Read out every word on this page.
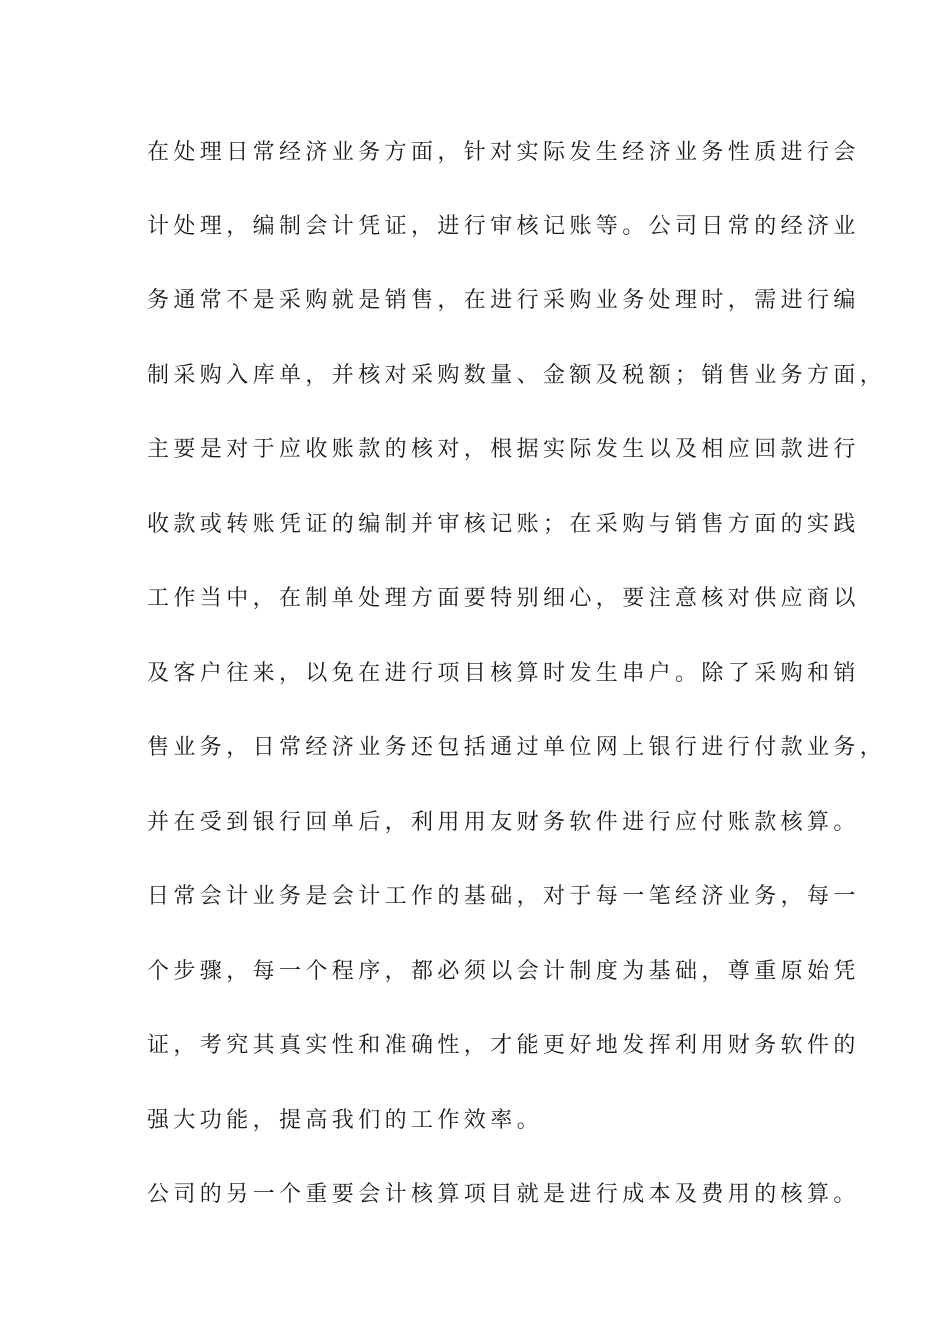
在处理日常经济业务方面，针对实际发生经济业务性质进行会
计处理，编制会计凭证，进行审核记账等。公司日常的经济业
务通常不是采购就是销售，在进行采购业务处理时，需进行编
制采购入库单，并核对采购数量、金额及税额；销售业务方面，
主要是对于应收账款的核对，根据实际发生以及相应回款进行
收款或转账凭证的编制并审核记账；在采购与销售方面的实践
工作当中，在制单处理方面要特别细心，要注意核对供应商以
及客户往来，以免在进行项目核算时发生串户。除了采购和销
售业务，日常经济业务还包括通过单位网上银行进行付款业务，
并在受到银行回单后，利用用友财务软件进行应付账款核算。
日常会计业务是会计工作的基础，对于每一笔经济业务，每一
个步骤，每一个程序，都必须以会计制度为基础，尊重原始凭
证，考究其真实性和准确性，才能更好地发挥利用财务软件的
强大功能，提高我们的工作效率。
公司的另一个重要会计核算项目就是进行成本及费用的核算。
